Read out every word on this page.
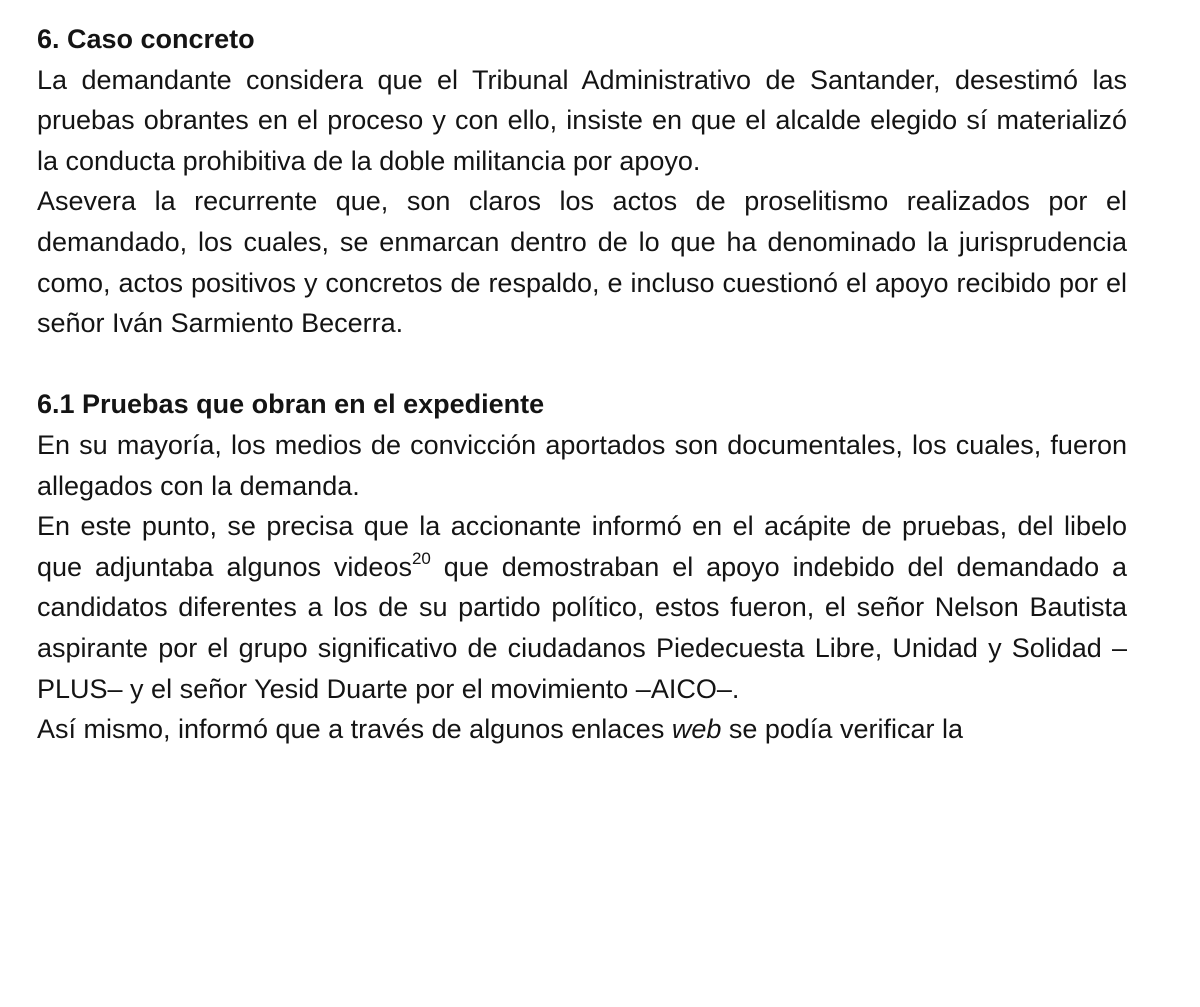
6. Caso concreto

La demandante considera que el Tribunal Administrativo de Santander, desestimó las pruebas obrantes en el proceso y con ello, insiste en que el alcalde elegido sí materializó la conducta prohibitiva de la doble militancia por apoyo.

Asevera la recurrente que, son claros los actos de proselitismo realizados por el demandado, los cuales, se enmarcan dentro de lo que ha denominado la jurisprudencia como, actos positivos y concretos de respaldo, e incluso cuestionó el apoyo recibido por el señor Iván Sarmiento Becerra.

6.1 Pruebas que obran en el expediente

En su mayoría, los medios de convicción aportados son documentales, los cuales, fueron allegados con la demanda.

En este punto, se precisa que la accionante informó en el acápite de pruebas, del libelo que adjuntaba algunos videos$^{20}$ que demostraban el apoyo indebido del demandado a candidatos diferentes a los de su partido político, estos fueron, el señor Nelson Bautista aspirante por el grupo significativo de ciudadanos Piedecuesta Libre, Unidad y Solidad –PLUS– y el señor Yesid Duarte por el movimiento –AICO–.

Así mismo, informó que a través de algunos enlaces web se podía verificar la
